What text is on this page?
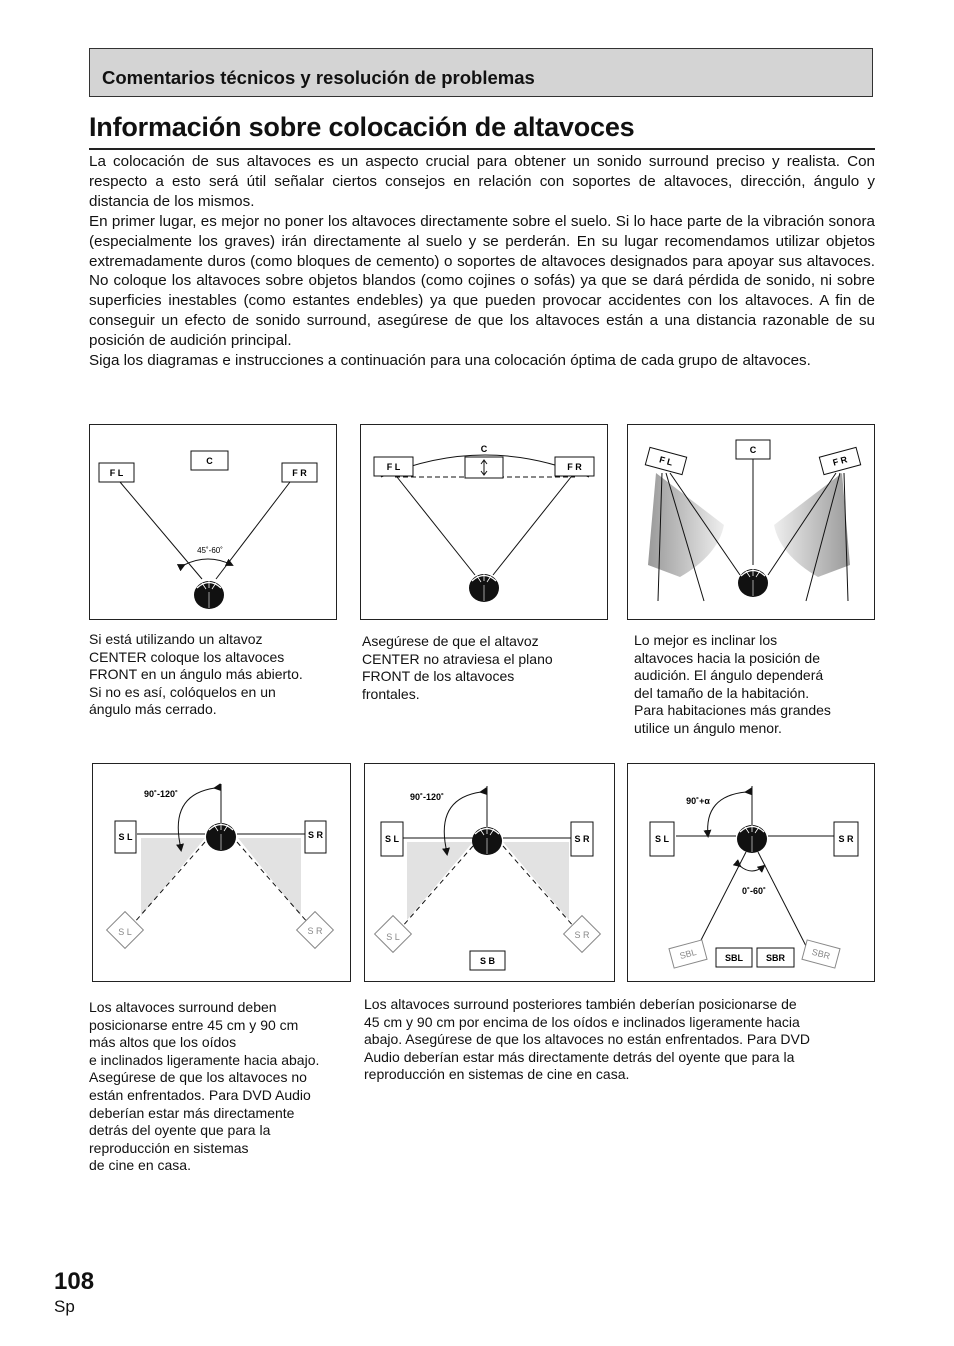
Comentarios técnicos y resolución de problemas
Información sobre colocación de altavoces

La colocación de sus altavoces es un aspecto crucial para obtener un sonido surround preciso y realista. Con respecto a esto será útil señalar ciertos consejos en relación con soportes de altavoces, dirección, ángulo y distancia de los mismos.

En primer lugar, es mejor no poner los altavoces directamente sobre el suelo. Si lo hace parte de la vibración sonora (especialmente los graves) irán directamente al suelo y se perderán. En su lugar recomendamos utilizar objetos extremadamente duros (como bloques de cemento) o soportes de altavoces designados para apoyar sus altavoces. No coloque los altavoces sobre objetos blandos (como cojines o sofás) ya que se dará pérdida de sonido, ni sobre superficies inestables (como estantes endebles) ya que pueden provocar accidentes con los altavoces. A fin de conseguir un efecto de sonido surround, asegúrese de que los altavoces están a una distancia razonable de su posición de audición principal.

Siga los diagramas e instrucciones a continuación para una colocación óptima de cada grupo de altavoces.

F L
C
F R
45˚-60˚
F L
C
F R	F L	F R
C
Si está utilizando un altavoz
CENTER coloque los altavoces
FRONT en un ángulo más abierto.
Si no es así, colóquelos en un
ángulo más cerrado.
Asegúrese de que el altavoz
CENTER no atraviesa el plano
FRONT de los altavoces
frontales.
Lo mejor es inclinar los
altavoces hacia la posición de
audición. El ángulo dependerá
del tamaño de la habitación.
Para habitaciones más grandes
utilice un ángulo menor.
90˚-120˚
S L	S R
S L	S R
90˚-120˚
S L	S R
S L	S R
S B
90˚+α
S L	S R
0˚-60˚
SBL	SBR
SBL	SBR
Los altavoces surround deben
posicionarse entre 45 cm y 90 cm
más altos que los oídos
e inclinados ligeramente hacia abajo.
Asegúrese de que los altavoces no
están enfrentados. Para DVD Audio
deberían estar más directamente
detrás del oyente que para la
reproducción en sistemas
de cine en casa.
Los altavoces surround posteriores también deberían posicionarse de
45 cm y 90 cm por encima de los oídos e inclinados ligeramente hacia
abajo. Asegúrese de que los altavoces no están enfrentados. Para DVD
Audio deberían estar más directamente detrás del oyente que para la
reproducción en sistemas de cine en casa.
108
Sp
